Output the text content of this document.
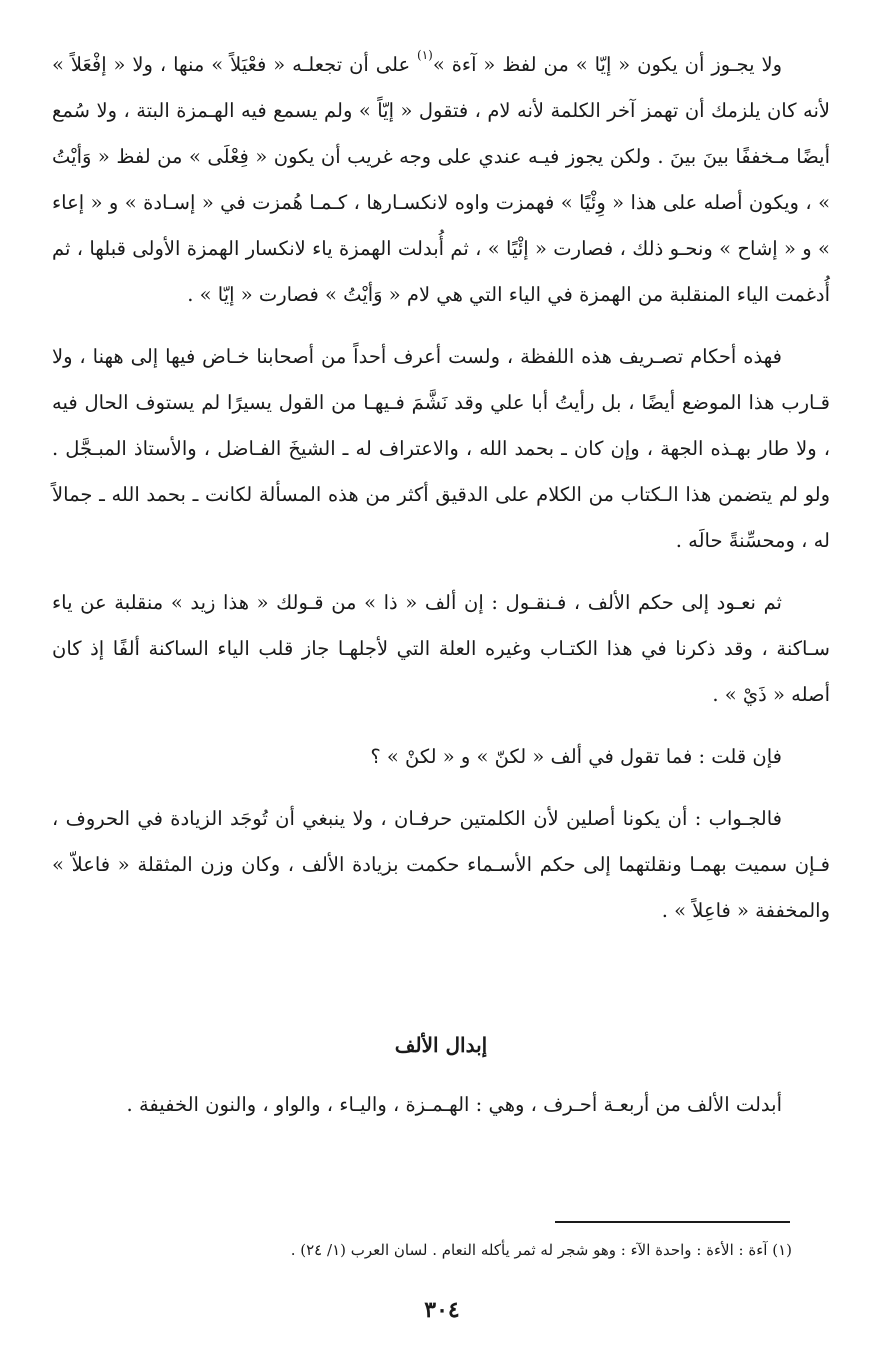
ولا يجـوز أن يكون « إيّا » من لفظ « آءة »$^{(١)}$ على أن تجعلـه « فعْيَلاً » منها ، ولا « إفْعَلاً » لأنه كان يلزمك أن تهمز آخر الكلمة لأنه لام ، فتقول « إيّاً » ولم يسمع فيه الهـمزة البتة ، ولا سُمع أيضًا مـخففًا بينَ بينَ . ولكن يجوز فيـه عندي على وجه غريب أن يكون « فِعْلَى » من لفظ « وَأيْتُ » ، ويكون أصله على هذا « وِئْيًا » فهمزت واوه لانكسـارها ، كـمـا هُمزت في « إسـادة » و « إعاء » و « إشاح » ونحـو ذلك ، فصارت « إئْيًا » ، ثم أُبدلت الهمزة ياء لانكسار الهمزة الأولى قبلها ، ثم أُدغمت الياء المنقلبة من الهمزة في الياء التي هي لام « وَأيْتُ » فصارت « إيّا » .

فهذه أحكام تصـريف هذه اللفظة ، ولست أعرف أحداً من أصحابنا خـاض فيها إلى ههنا ، ولا قـارب هذا الموضع أيضًا ، بل رأيتُ أبا علي وقد نَشَّمَ فـيهـا من القول يسيرًا لم يستوف الحال فيه ، ولا طار بهـذه الجهة ، وإن كان ـ بحمد الله ، والاعتراف له ـ الشيخَ الفـاضل ، والأستاذ المبـجَّل . ولو لم يتضمن هذا الـكتاب من الكلام على الدقيق أكثر من هذه المسألة لكانت ـ بحمد الله ـ جمالاً له ، ومحسِّنةً حالَه .

ثم نعـود إلى حكم الألف ، فـنقـول : إن ألف « ذا » من قـولك « هذا زيد » منقلبة عن ياء سـاكنة ، وقد ذكرنا في هذا الكتـاب وغيره العلة التي لأجلهـا جاز قلب الياء الساكنة ألفًا إذ كان أصله « ذَيْ » .

فإن قلت : فما تقول في ألف « لكنّ » و « لكنْ » ؟

فالجـواب : أن يكونا أصلين لأن الكلمتين حرفـان ، ولا ينبغي أن تُوجَد الزيادة في الحروف ، فـإن سميت بهمـا ونقلتهما إلى حكم الأسـماء حكمت بزيادة الألف ، وكان وزن المثقلة « فاعلاّ » والمخففة « فاعِلاً » .

إبدال الألف

أبدلت الألف من أربعـة أحـرف ، وهي : الهـمـزة ، واليـاء ، والواو ، والنون الخفيفة .

(١) آءة : الأءة : واحدة الآء : وهو شجر له ثمر يأكله النعام . لسان العرب (١/ ٢٤) .
٣٠٤
